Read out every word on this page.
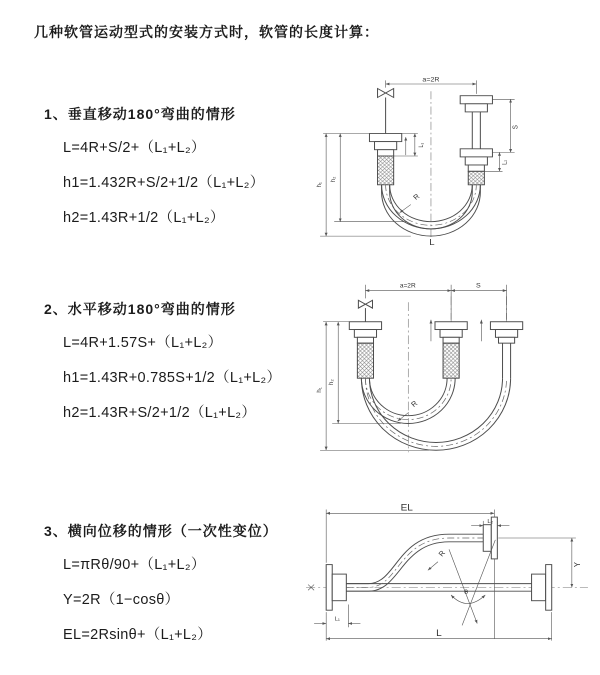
几种软管运动型式的安装方式时，软管的长度计算：
1、垂直移动180°弯曲的情形
L=4R+S/2+（L₁+L₂）
h1=1.432R+S/2+1/2（L₁+L₂）
h2=1.43R+1/2（L₁+L₂）
a=2R
L₁
S
L₂
h₁
h₂
R
L
2、水平移动180°弯曲的情形
L=4R+1.57S+（L₁+L₂）
h1=1.43R+0.785S+1/2（L₁+L₂）
h2=1.43R+S/2+1/2（L₁+L₂）
a=2R	S
h₁
h₂
R
3、横向位移的情形（一次性变位）
L=πRθ/90+（L₁+L₂）
Y=2R（1−cosθ）
EL=2Rsinθ+（L₁+L₂）
EL
L₂
Y
R
θ
L
L₁
